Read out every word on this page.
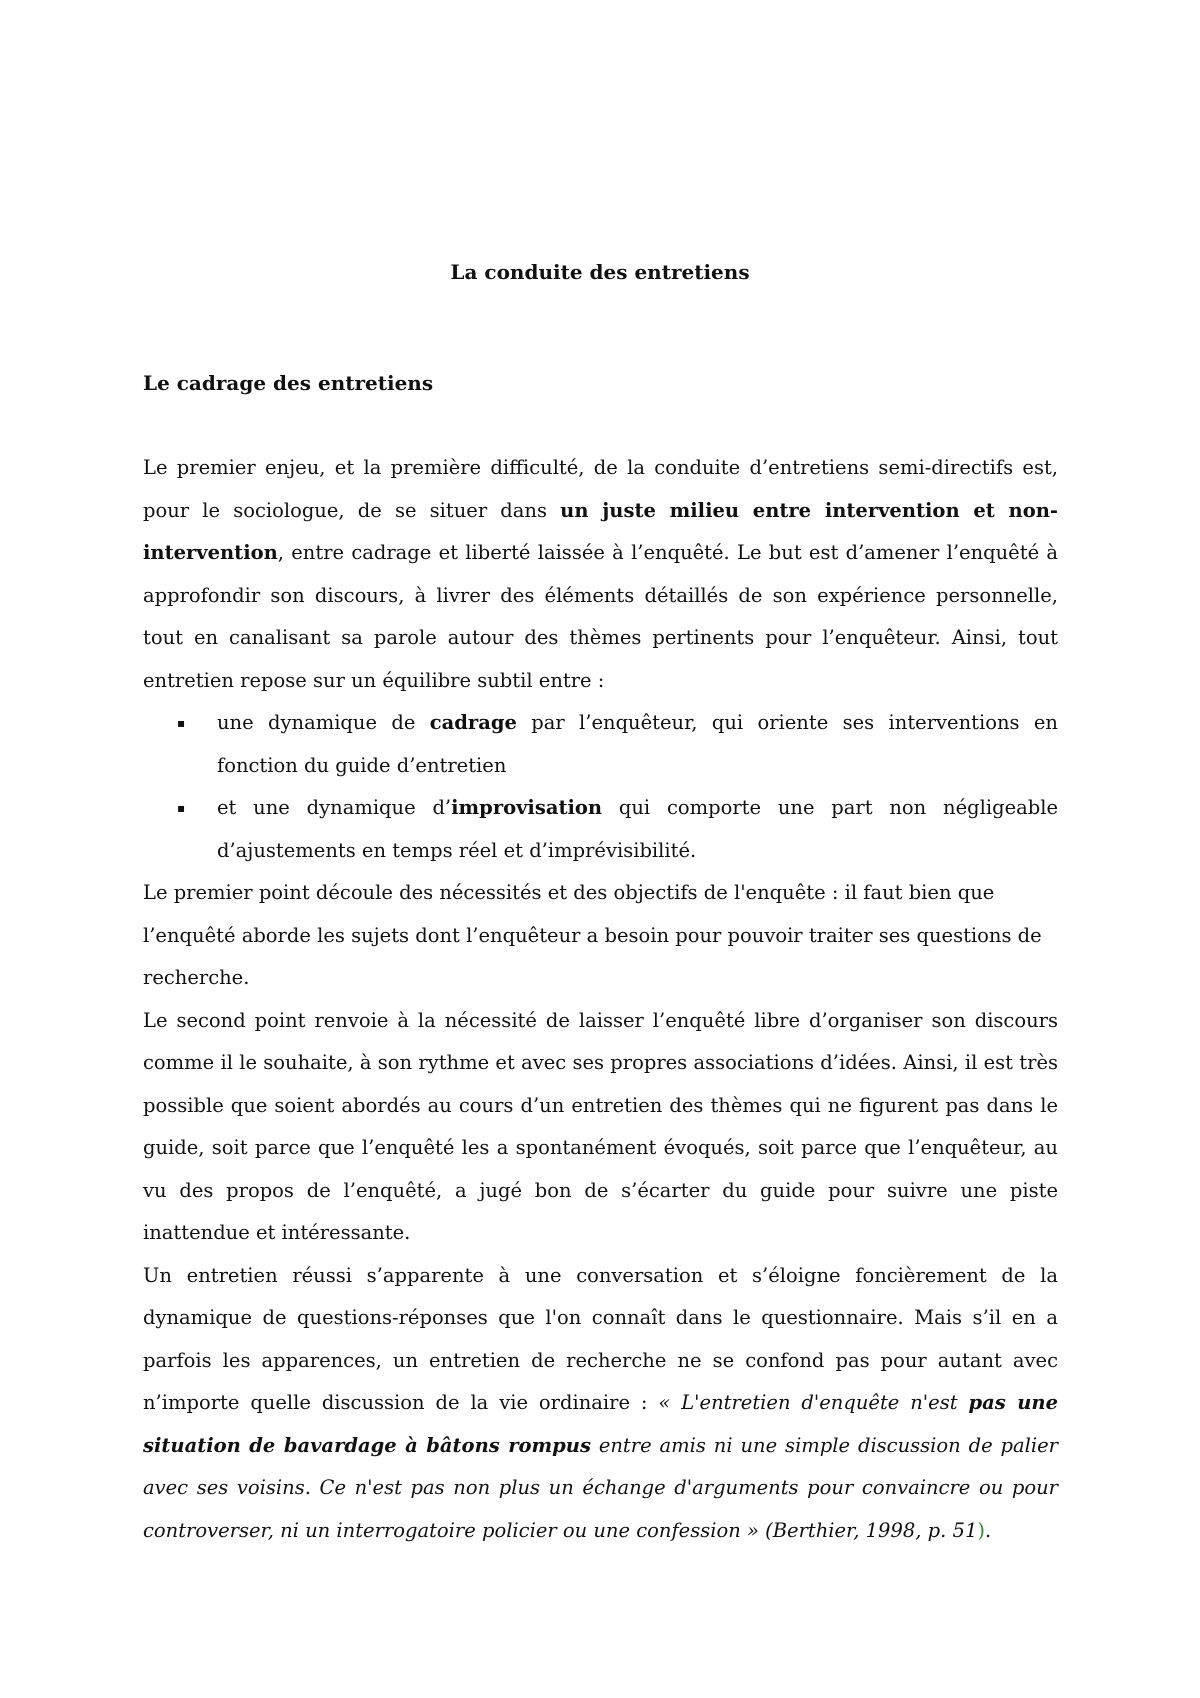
La conduite des entretiens
Le cadrage des entretiens

Le premier enjeu, et la première difficulté, de la conduite d’entretiens semi-directifs est, pour le sociologue, de se situer dans un juste milieu entre intervention et non-intervention, entre cadrage et liberté laissée à l’enquêté. Le but est d’amener l’enquêté à approfondir son discours, à livrer des éléments détaillés de son expérience personnelle, tout en canalisant sa parole autour des thèmes pertinents pour l’enquêteur. Ainsi, tout entretien repose sur un équilibre subtil entre :

▪ une dynamique de cadrage par l’enquêteur, qui oriente ses interventions en fonction du guide d’entretien
▪ et une dynamique d’improvisation qui comporte une part non négligeable d’ajustements en temps réel et d’imprévisibilité.

Le premier point découle des nécessités et des objectifs de l'enquête : il faut bien que l’enquêté aborde les sujets dont l’enquêteur a besoin pour pouvoir traiter ses questions de recherche.

Le second point renvoie à la nécessité de laisser l’enquêté libre d’organiser son discours comme il le souhaite, à son rythme et avec ses propres associations d’idées. Ainsi, il est très possible que soient abordés au cours d’un entretien des thèmes qui ne figurent pas dans le guide, soit parce que l’enquêté les a spontanément évoqués, soit parce que l’enquêteur, au vu des propos de l’enquêté, a jugé bon de s’écarter du guide pour suivre une piste inattendue et intéressante.

Un entretien réussi s’apparente à une conversation et s’éloigne foncièrement de la dynamique de questions-réponses que l'on connaît dans le questionnaire. Mais s’il en a parfois les apparences, un entretien de recherche ne se confond pas pour autant avec n’importe quelle discussion de la vie ordinaire : « L'entretien d'enquête n'est pas une situation de bavardage à bâtons rompus entre amis ni une simple discussion de palier avec ses voisins. Ce n'est pas non plus un échange d'arguments pour convaincre ou pour controverser, ni un interrogatoire policier ou une confession » (Berthier, 1998, p. 51).
